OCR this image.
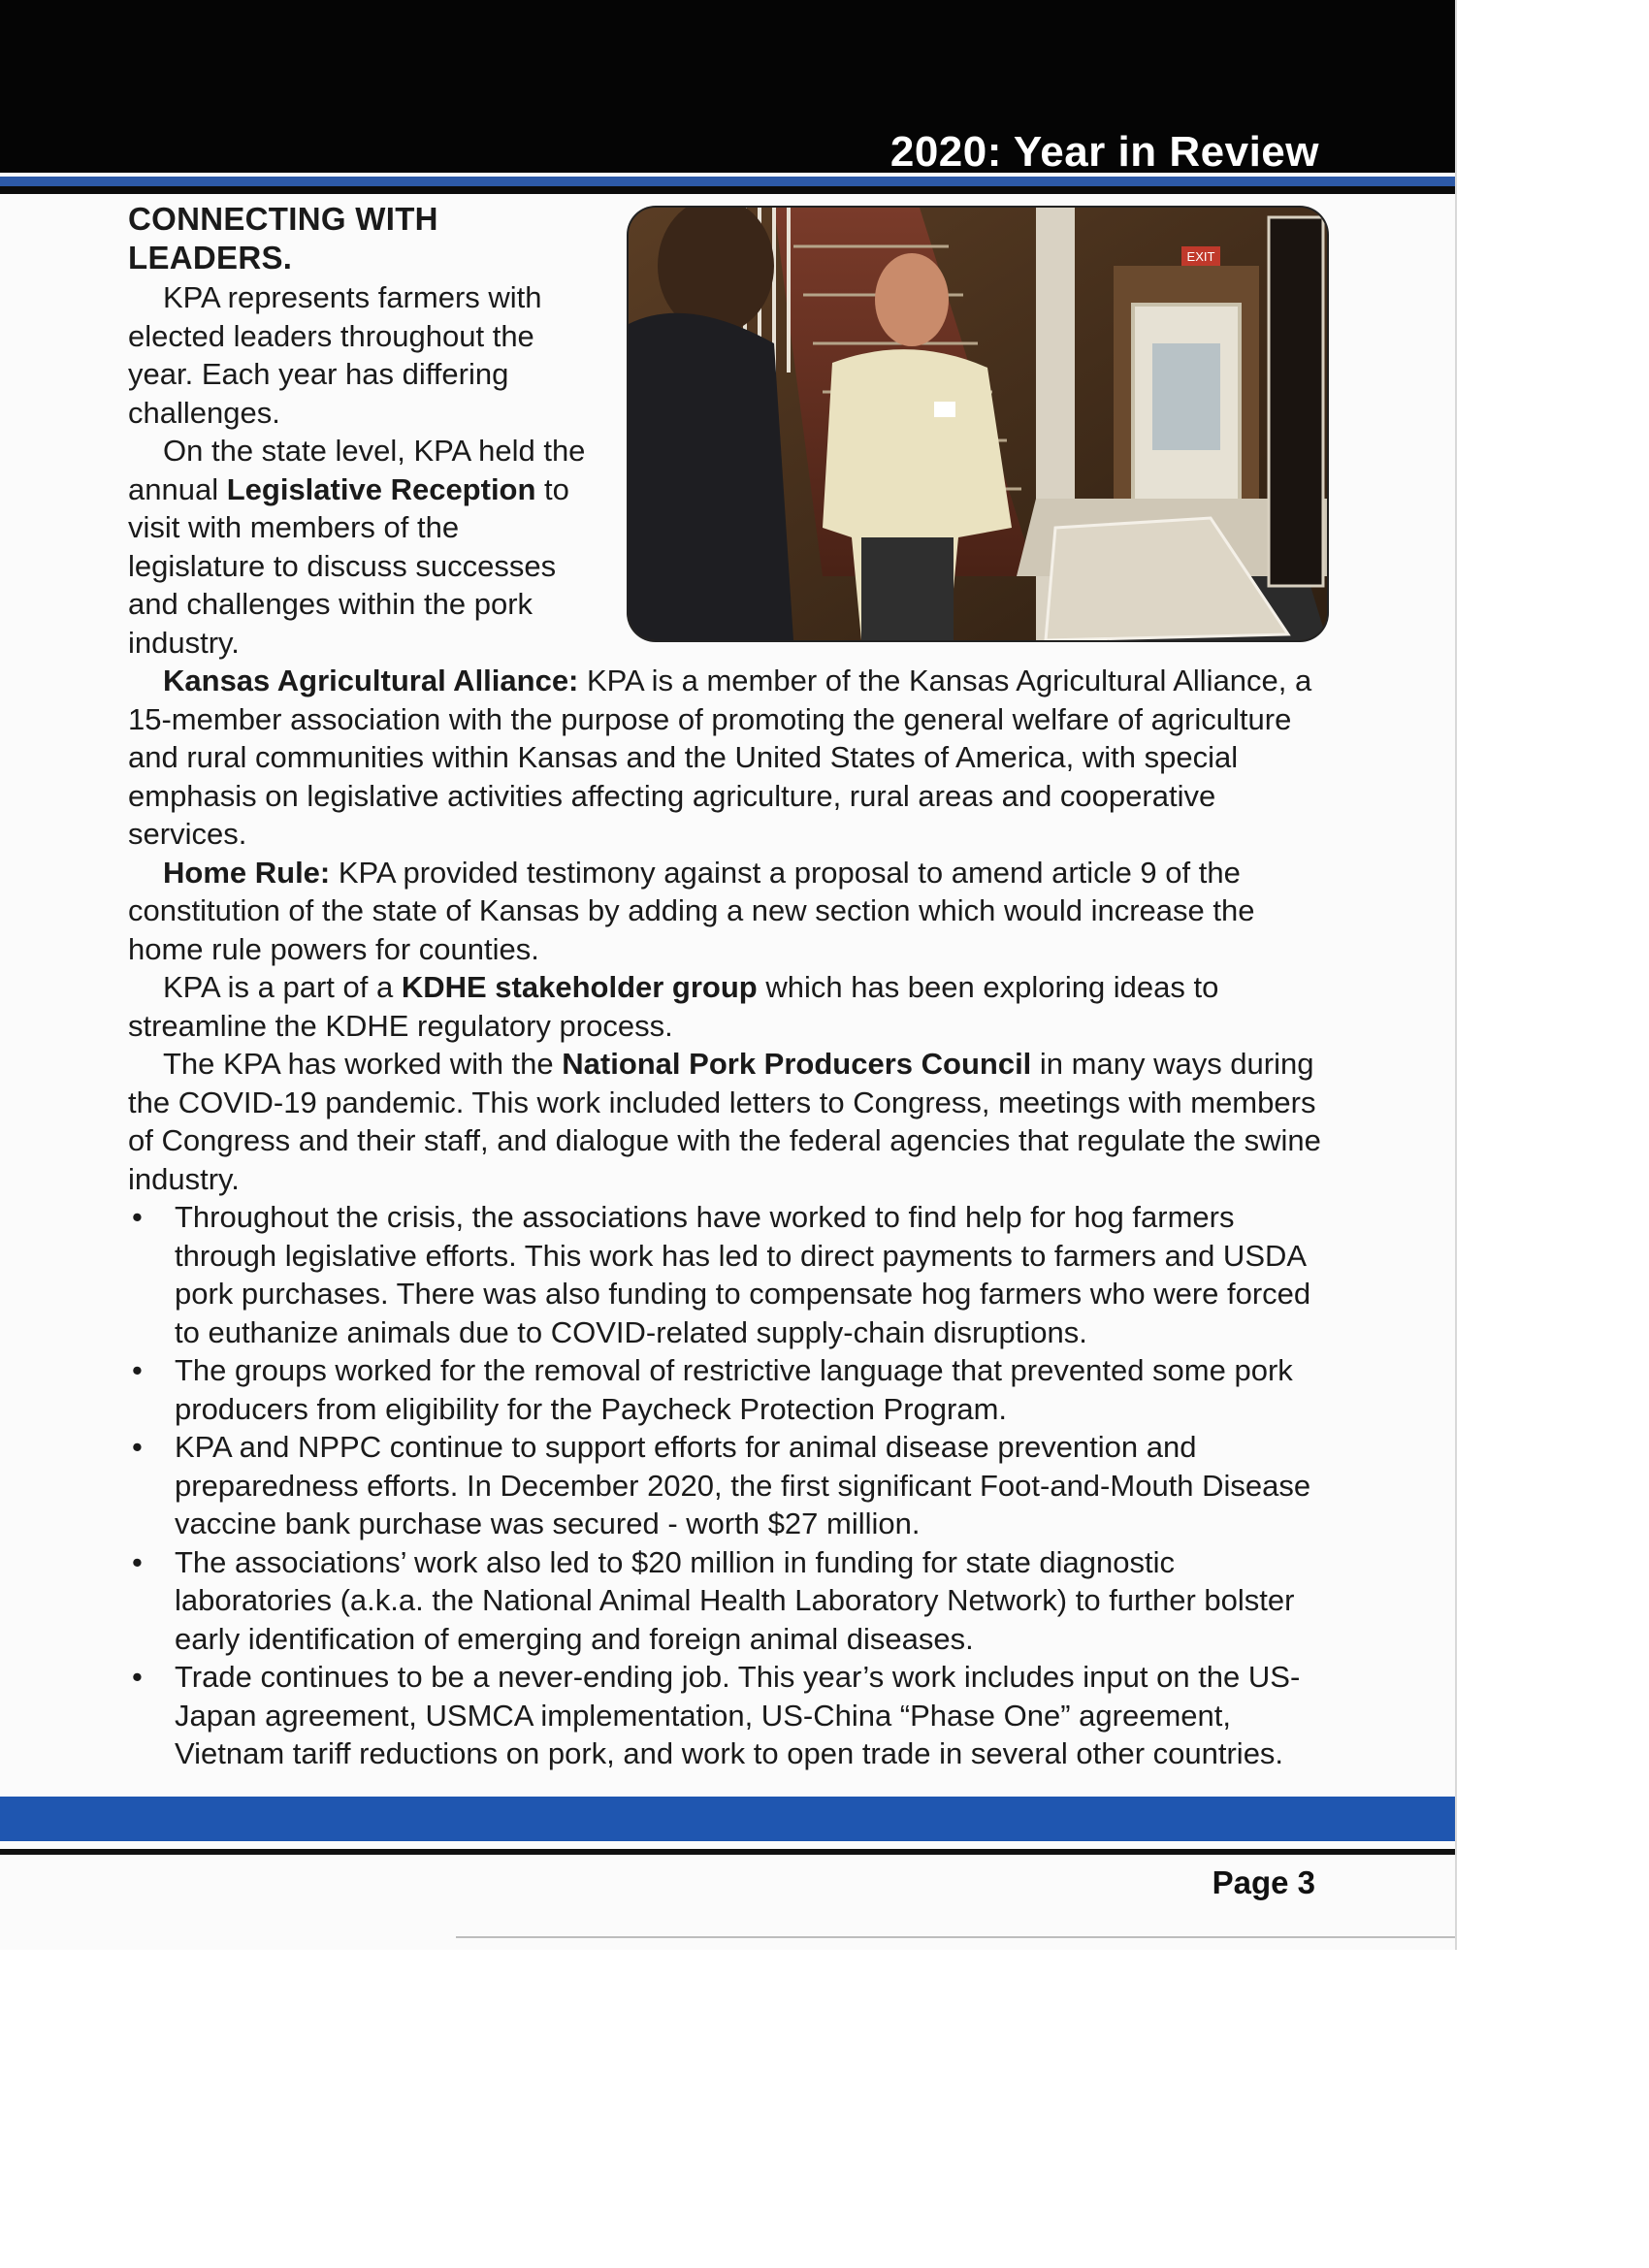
2020: Year in Review
EXIT
CONNECTING WITH LEADERS.

KPA represents farmers with elected leaders throughout the year. Each year has differing challenges.

On the state level, KPA held the annual Legislative Reception to visit with members of the legislature to discuss successes and challenges within the pork industry.

Kansas Agricultural Alliance: KPA is a member of the Kansas Agricultural Alliance, a 15-member association with the purpose of promoting the general welfare of agriculture and rural communities within Kansas and the United States of America, with special emphasis on legislative activities affecting agriculture, rural areas and cooperative services.

Home Rule: KPA provided testimony against a proposal to amend article 9 of the constitution of the state of Kansas by adding a new section which would increase the home rule powers for counties.

KPA is a part of a KDHE stakeholder group which has been exploring ideas to streamline the KDHE regulatory process.

The KPA has worked with the National Pork Producers Council in many ways during the COVID-19 pandemic. This work included letters to Congress, meetings with members of Congress and their staff, and dialogue with the federal agencies that regulate the swine industry.

• Throughout the crisis, the associations have worked to find help for hog farmers through legislative efforts. This work has led to direct payments to farmers and USDA pork purchases. There was also funding to compensate hog farmers who were forced to euthanize animals due to COVID-related supply-chain disruptions.
• The groups worked for the removal of restrictive language that prevented some pork producers from eligibility for the Paycheck Protection Program.
• KPA and NPPC continue to support efforts for animal disease prevention and preparedness efforts. In December 2020, the first significant Foot-and-Mouth Disease vaccine bank purchase was secured - worth $27 million.
• The associations’ work also led to $20 million in funding for state diagnostic laboratories (a.k.a. the National Animal Health Laboratory Network) to further bolster early identification of emerging and foreign animal diseases.
• Trade continues to be a never-ending job. This year’s work includes input on the US-Japan agreement, USMCA implementation, US-China “Phase One” agreement, Vietnam tariff reductions on pork, and work to open trade in several other countries.
Page 3
